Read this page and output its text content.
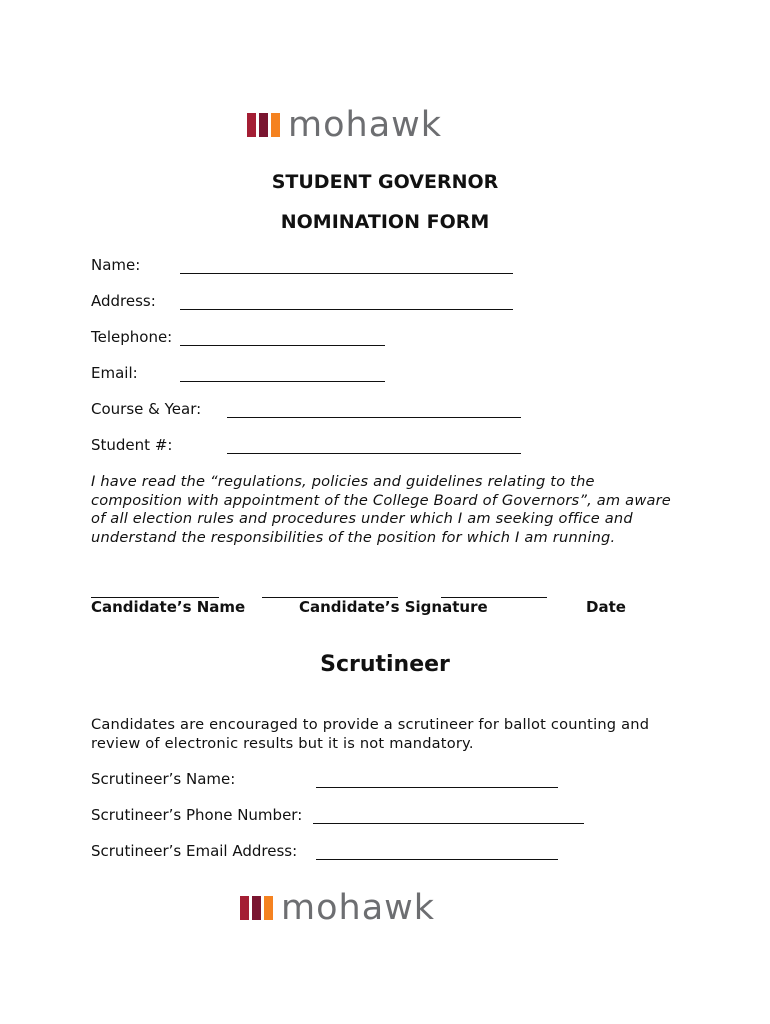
mohawk
STUDENT GOVERNOR
NOMINATION FORM
Name:
Address:
Telephone:
Email:
Course & Year:
Student #:
I have read the “regulations, policies and guidelines relating to the
composition with appointment of the College Board of Governors”, am aware
of all election rules and procedures under which I am seeking office and
understand the responsibilities of the position for which I am running.
Candidate’s Name	Candidate’s Signature	Date
Scrutineer
Candidates are encouraged to provide a scrutineer for ballot counting and
review of electronic results but it is not mandatory.
Scrutineer’s Name:
Scrutineer’s Phone Number:
Scrutineer’s Email Address:
mohawk
